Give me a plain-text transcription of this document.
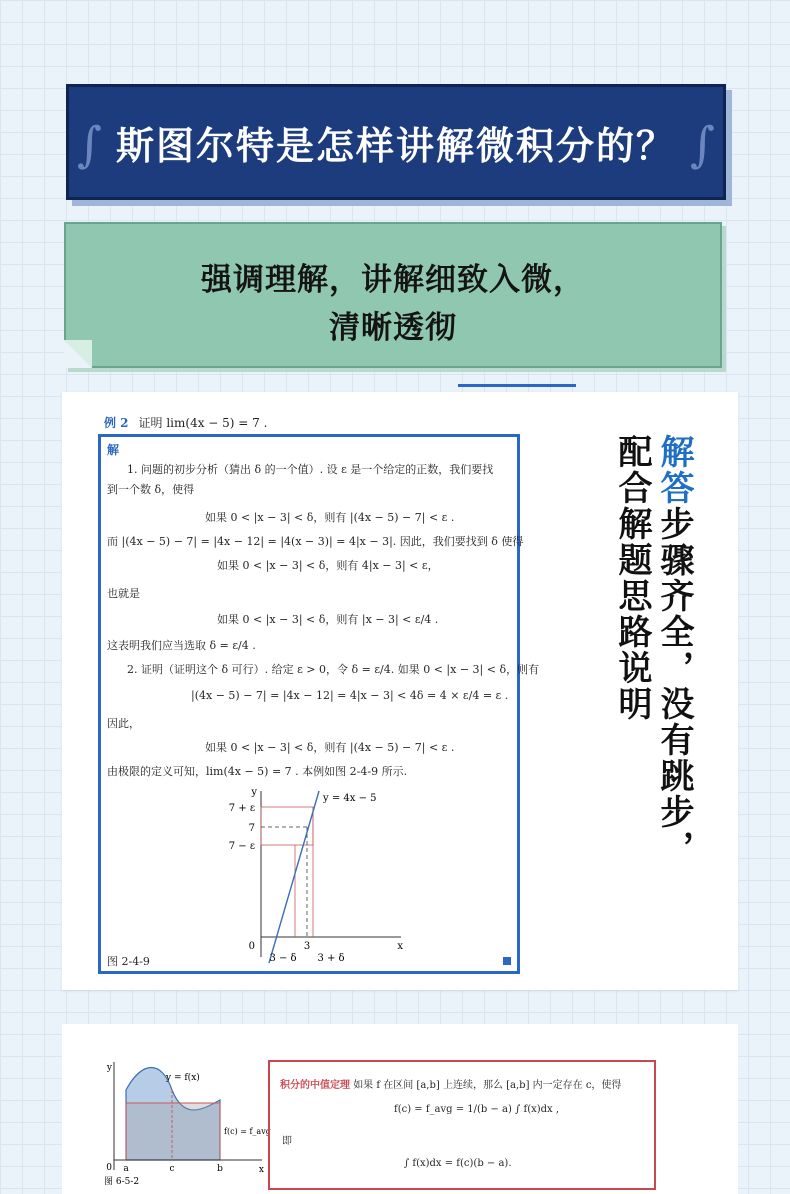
∫ 斯图尔特是怎样讲解微积分的？ ∫
强调理解，讲解细致入微，
清晰透彻
例 2 证明 lim(4x − 5) = 7 .
解
1. 问题的初步分析（猜出 δ 的一个值）. 设 ε 是一个给定的正数，我们要找
到一个数 δ，使得
如果 0 < |x − 3| < δ，则有 |(4x − 5) − 7| < ε .
而 |(4x − 5) − 7| = |4x − 12| = |4(x − 3)| = 4|x − 3|. 因此，我们要找到 δ 使得
如果 0 < |x − 3| < δ，则有 4|x − 3| < ε，
也就是
如果 0 < |x − 3| < δ，则有 |x − 3| < ε/4 .
这表明我们应当选取 δ = ε/4 .
2. 证明（证明这个 δ 可行）. 给定 ε > 0，令 δ = ε/4. 如果 0 < |x − 3| < δ，则有
|(4x − 5) − 7| = |4x − 12| = 4|x − 3| < 4δ = 4 × ε/4 = ε .
因此，
如果 0 < |x − 3| < δ，则有 |(4x − 5) − 7| < ε .
由极限的定义可知，lim(4x − 5) = 7 . 本例如图 2-4-9 所示.
y
x
0
y = 4x − 5
7 + ε
7
7 − ε
3 − δ
3
3 + δ
图 2-4-9
解答步骤齐全，没有跳步，
配合解题思路说明
y
x
0
y = f(x)
f(c) = f_avg
a	c	b
图 6-5-2
积分的中值定理 如果 f 在区间 [a,b] 上连续，那么 [a,b] 内一定存在 c，使得
f(c) = f_avg = 1/(b − a) ∫ f(x)dx ,
即
∫ f(x)dx = f(c)(b − a).
